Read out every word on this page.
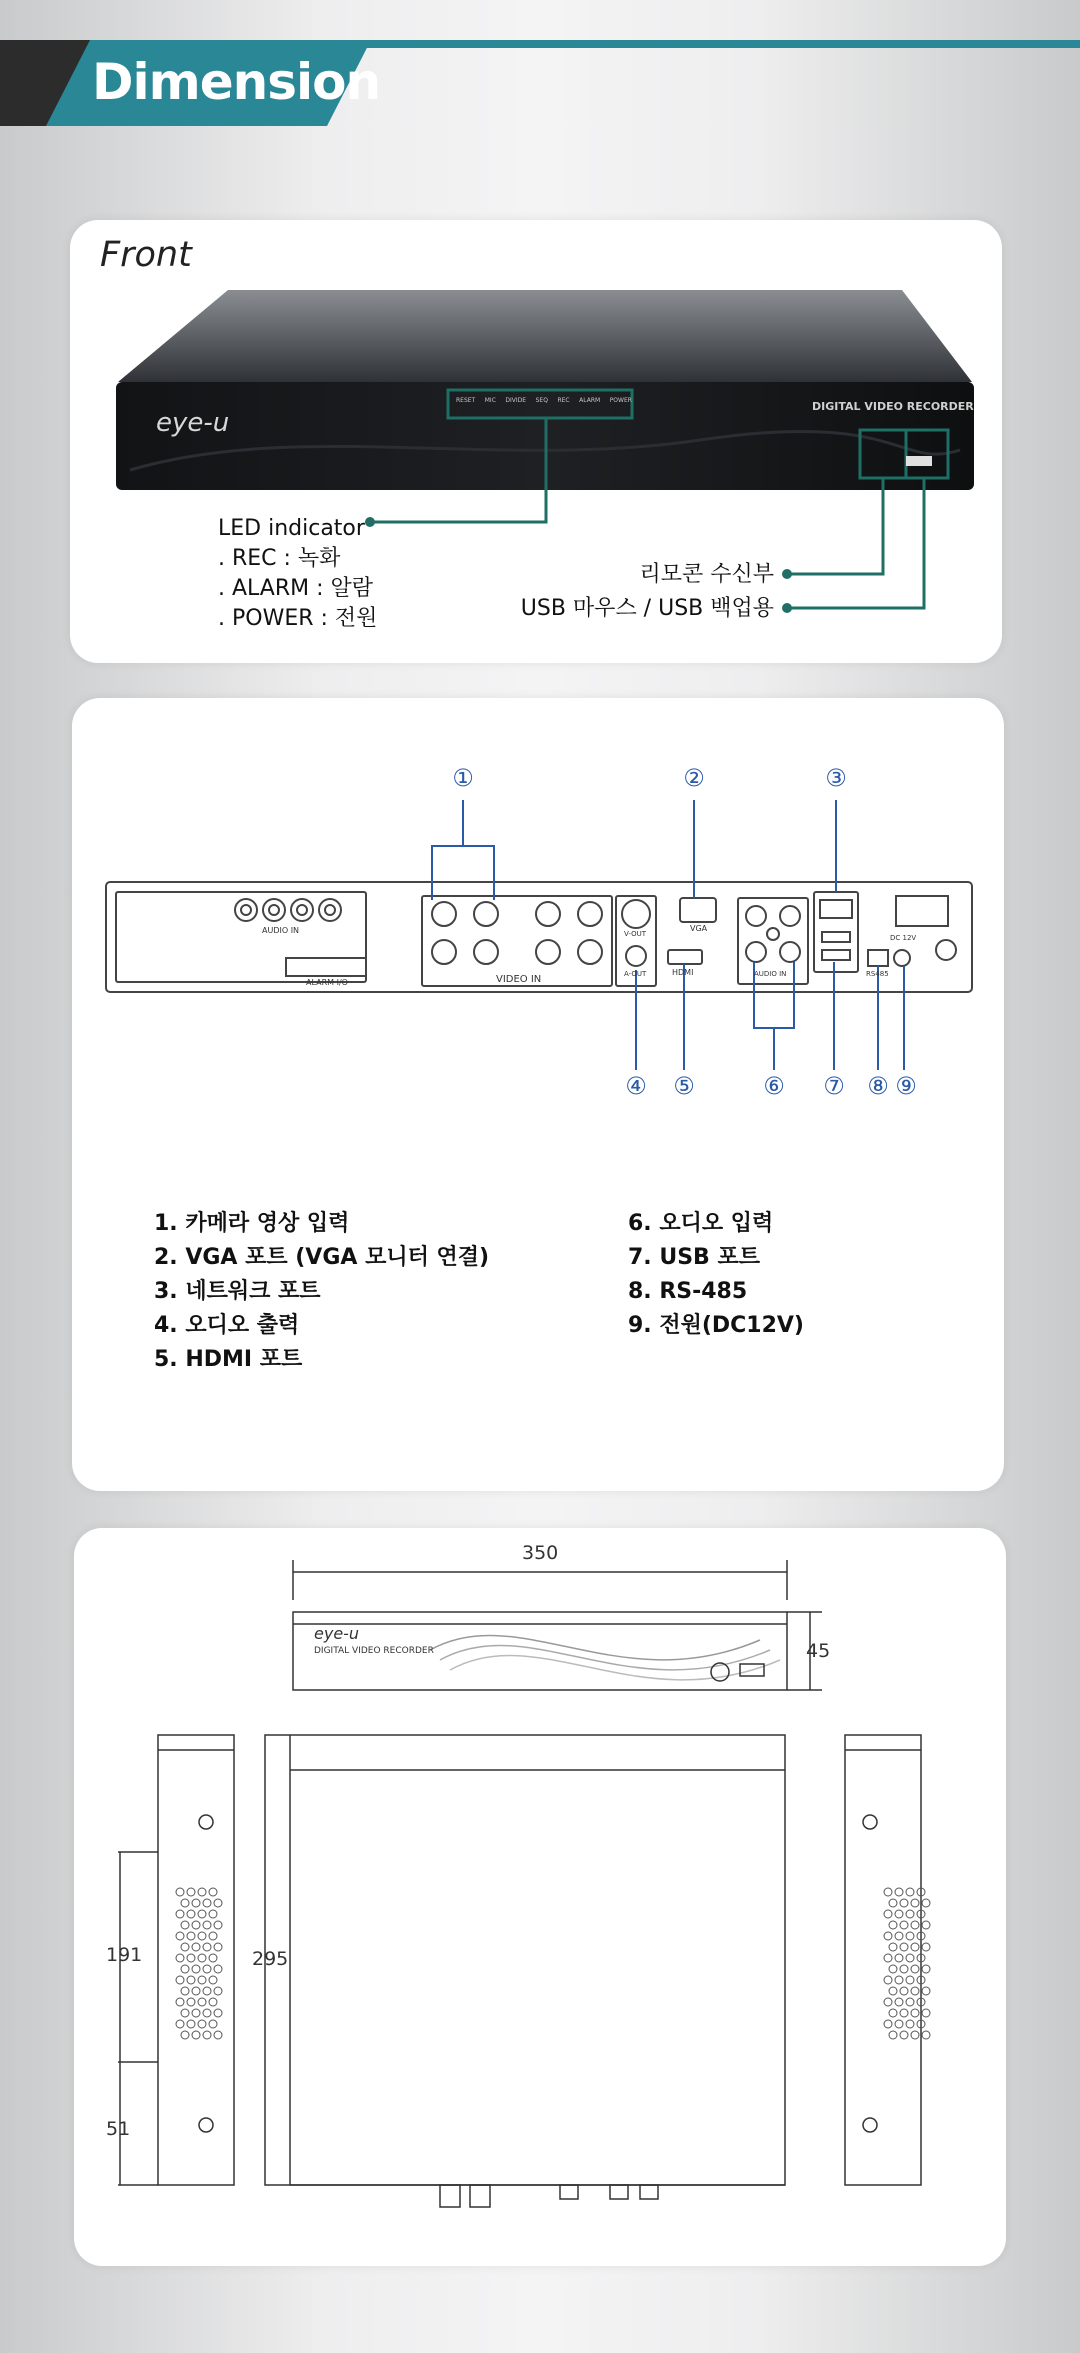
Dimension
Front
eye-u
DIGITAL VIDEO RECORDER
RESET MIC DIVIDE SEQ REC ALARM POWER
LED indicator
. REC : 녹화
. ALARM : 알람
. POWER : 전원
리모콘 수신부
USB 마우스 / USB 백업용
AUDIO IN
ALARM I/O	VIDEO IN
VGA
HDMI
V-OUT
A-OUT	AUDIO IN	RS485
DC 12V
①	②	③
④	⑤	⑥	⑦ ⑧ ⑨
1. 카메라 영상 입력
2. VGA 포트 (VGA 모니터 연결)
3. 네트워크 포트
4. 오디오 출력
5. HDMI 포트
6. 오디오 입력
7. USB 포트
8. RS-485
9. 전원(DC12V)
350
45
295
191
51
eye-u
DIGITAL VIDEO RECORDER
